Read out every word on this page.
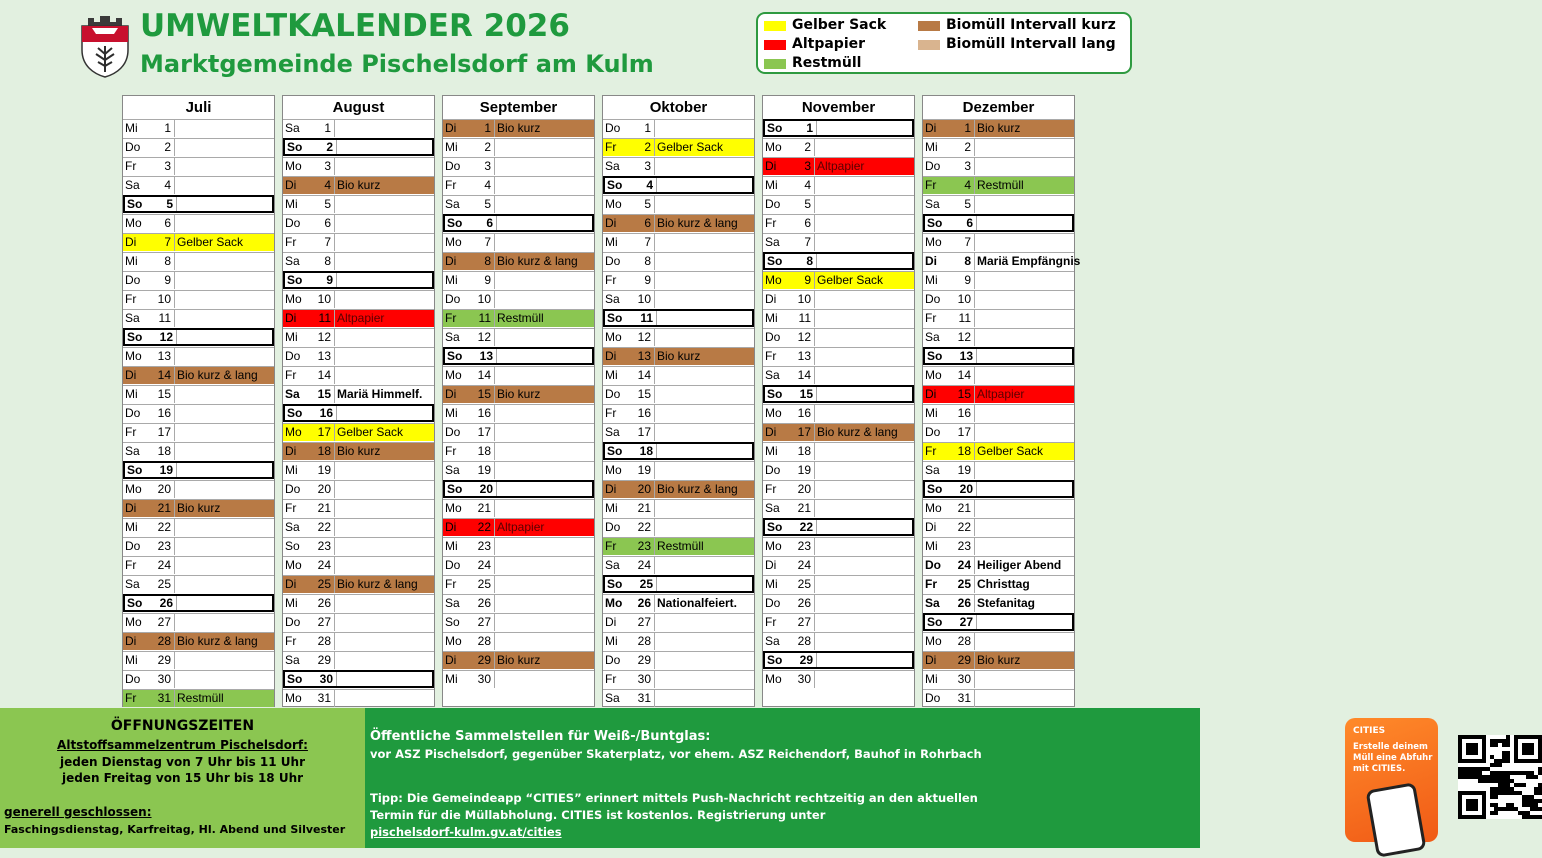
UMWELTKALENDER 2026
Marktgemeinde Pischelsdorf am Kulm
Gelber Sack
Altpapier
Restmüll
Biomüll Intervall kurz
Biomüll Intervall lang
Juli
Mi	1
Do	2
Fr	3
Sa	4
So	5
Mo	6
Di	7 Gelber Sack
Mi	8
Do	9
Fr	10
Sa	11
So	12
Mo	13
Di	14 Bio kurz & lang
Mi	15
Do	16
Fr	17
Sa	18
So	19
Mo	20
Di	21 Bio kurz
Mi	22
Do	23
Fr	24
Sa	25
So	26
Mo	27
Di	28 Bio kurz & lang
Mi	29
Do	30
Fr	31 Restmüll
August
Sa	1
So	2
Mo	3
Di	4 Bio kurz
Mi	5
Do	6
Fr	7
Sa	8
So	9
Mo	10
Di	11 Altpapier
Mi	12
Do	13
Fr	14
Sa	15 Mariä Himmelf.
So	16
Mo	17 Gelber Sack
Di	18 Bio kurz
Mi	19
Do	20
Fr	21
Sa	22
So	23
Mo	24
Di	25 Bio kurz & lang
Mi	26
Do	27
Fr	28
Sa	29
So	30
Mo	31
September
Di	1 Bio kurz
Mi	2
Do	3
Fr	4
Sa	5
So	6
Mo	7
Di	8 Bio kurz & lang
Mi	9
Do	10
Fr	11 Restmüll
Sa	12
So	13
Mo	14
Di	15 Bio kurz
Mi	16
Do	17
Fr	18
Sa	19
So	20
Mo	21
Di	22 Altpapier
Mi	23
Do	24
Fr	25
Sa	26
So	27
Mo	28
Di	29 Bio kurz
Mi	30
Oktober
Do	1
Fr	2 Gelber Sack
Sa	3
So	4
Mo	5
Di	6 Bio kurz & lang
Mi	7
Do	8
Fr	9
Sa	10
So	11
Mo	12
Di	13 Bio kurz
Mi	14
Do	15
Fr	16
Sa	17
So	18
Mo	19
Di	20 Bio kurz & lang
Mi	21
Do	22
Fr	23 Restmüll
Sa	24
So	25
Mo	26 Nationalfeiert.
Di	27
Mi	28
Do	29
Fr	30
Sa	31
November
So	1
Mo	2
Di	3 Altpapier
Mi	4
Do	5
Fr	6
Sa	7
So	8
Mo	9 Gelber Sack
Di	10
Mi	11
Do	12
Fr	13
Sa	14
So	15
Mo	16
Di	17 Bio kurz & lang
Mi	18
Do	19
Fr	20
Sa	21
So	22
Mo	23
Di	24
Mi	25
Do	26
Fr	27
Sa	28
So	29
Mo	30
Dezember
Di	1 Bio kurz
Mi	2
Do	3
Fr	4 Restmüll
Sa	5
So	6
Mo	7
Di	8 Mariä Empfängnis
Mi	9
Do	10
Fr	11
Sa	12
So	13
Mo	14
Di	15 Altpapier
Mi	16
Do	17
Fr	18 Gelber Sack
Sa	19
So	20
Mo	21
Di	22
Mi	23
Do	24 Heiliger Abend
Fr	25 Christtag
Sa	26 Stefanitag
So	27
Mo	28
Di	29 Bio kurz
Mi	30
Do	31
ÖFFNUNGSZEITEN
Altstoffsammelzentrum Pischelsdorf:
jeden Dienstag von 7 Uhr bis 11 Uhr
jeden Freitag von 15 Uhr bis 18 Uhr
generell geschlossen:
Faschingsdienstag, Karfreitag, Hl. Abend und Silvester
Öffentliche Sammelstellen für Weiß-/Buntglas:
vor ASZ Pischelsdorf, gegenüber Skaterplatz, vor ehem. ASZ Reichendorf, Bauhof in Rohrbach
Tipp: Die Gemeindeapp “CITIES” erinnert mittels Push-Nachricht rechtzeitig an den aktuellen
Termin für die Müllabholung. CITIES ist kostenlos. Registrierung unter
pischelsdorf-kulm.gv.at/cities
CITIES
Erstelle deinem Müll eine Abfuhr mit CITIES.
